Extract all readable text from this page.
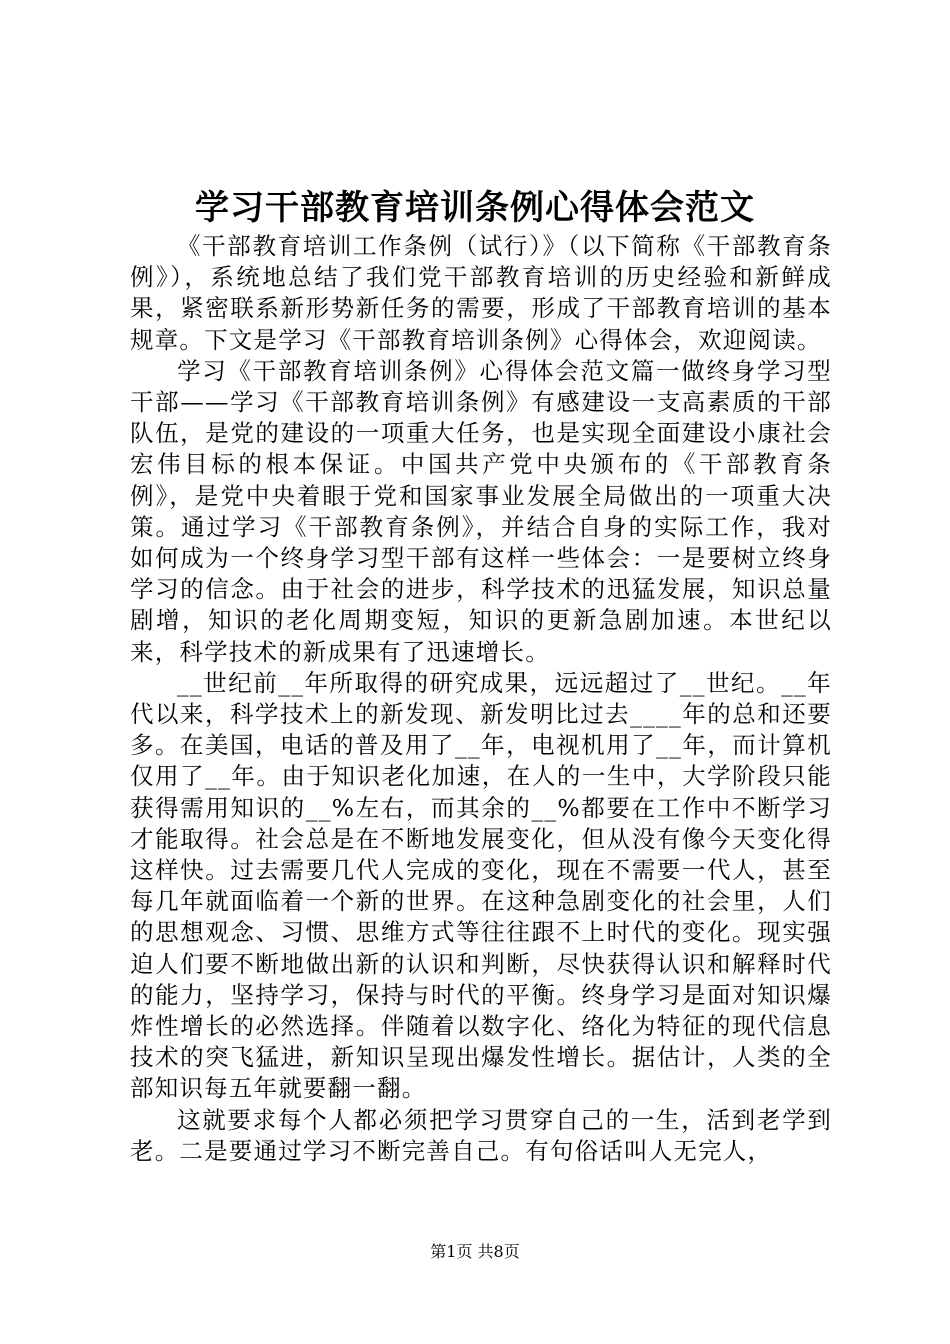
学习干部教育培训条例心得体会范文

《干部教育培训工作条例（试行）》（以下简称《干部教育条例》），系统地总结了我们党干部教育培训的历史经验和新鲜成果，紧密联系新形势新任务的需要，形成了干部教育培训的基本规章。下文是学习《干部教育培训条例》心得体会，欢迎阅读。

学习《干部教育培训条例》心得体会范文篇一做终身学习型干部——学习《干部教育培训条例》有感建设一支高素质的干部队伍，是党的建设的一项重大任务，也是实现全面建设小康社会宏伟目标的根本保证。中国共产党中央颁布的《干部教育条例》，是党中央着眼于党和国家事业发展全局做出的一项重大决策。通过学习《干部教育条例》，并结合自身的实际工作，我对如何成为一个终身学习型干部有这样一些体会：一是要树立终身学习的信念。由于社会的进步，科学技术的迅猛发展，知识总量剧增，知识的老化周期变短，知识的更新急剧加速。本世纪以来，科学技术的新成果有了迅速增长。

__世纪前__年所取得的研究成果，远远超过了__世纪。__年代以来，科学技术上的新发现、新发明比过去____年的总和还要多。在美国，电话的普及用了__年，电视机用了__年，而计算机仅用了__年。由于知识老化加速，在人的一生中，大学阶段只能获得需用知识的__%左右，而其余的__%都要在工作中不断学习才能取得。社会总是在不断地发展变化，但从没有像今天变化得这样快。过去需要几代人完成的变化，现在不需要一代人，甚至每几年就面临着一个新的世界。在这种急剧变化的社会里，人们的思想观念、习惯、思维方式等往往跟不上时代的变化。现实强迫人们要不断地做出新的认识和判断，尽快获得认识和解释时代的能力，坚持学习，保持与时代的平衡。终身学习是面对知识爆炸性增长的必然选择。伴随着以数字化、络化为特征的现代信息技术的突飞猛进，新知识呈现出爆发性增长。据估计，人类的全部知识每五年就要翻一翻。

这就要求每个人都必须把学习贯穿自己的一生，活到老学到老。二是要通过学习不断完善自己。有句俗话叫人无完人，

第1页 共8页
